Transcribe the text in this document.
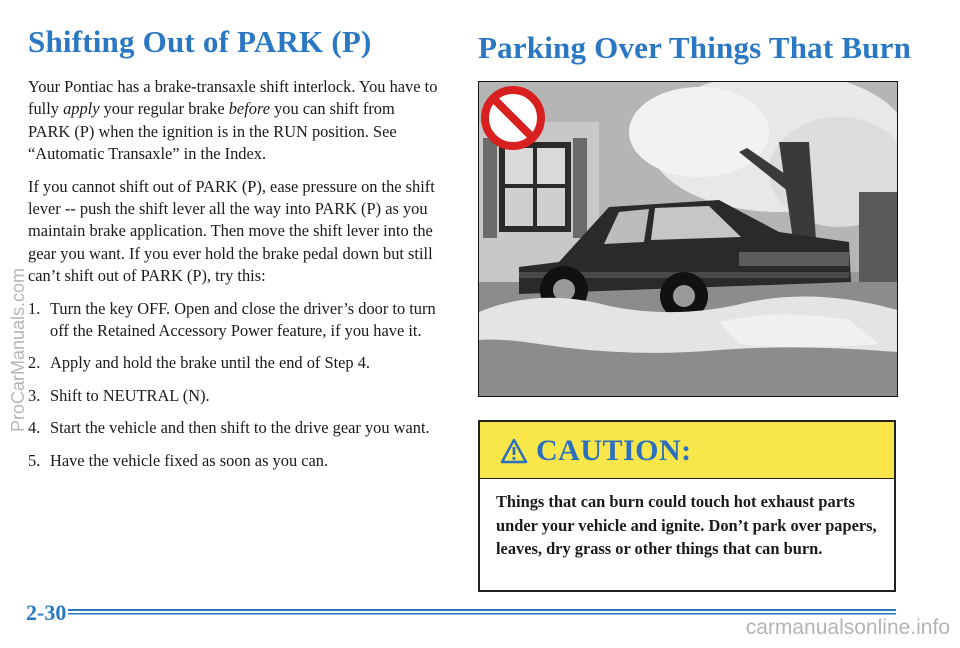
Shifting Out of PARK (P)

Your Pontiac has a brake-transaxle shift interlock. You have to fully apply your regular brake before you can shift from PARK (P) when the ignition is in the RUN position. See “Automatic Transaxle” in the Index.

If you cannot shift out of PARK (P), ease pressure on the shift lever -- push the shift lever all the way into PARK (P) as you maintain brake application. Then move the shift lever into the gear you want. If you ever hold the brake pedal down but still can’t shift out of PARK (P), try this:

1. Turn the key OFF. Open and close the driver’s door to turn off the Retained Accessory Power feature, if you have it.
2. Apply and hold the brake until the end of Step 4.
3. Shift to NEUTRAL (N).
4. Start the vehicle and then shift to the drive gear you want.
5. Have the vehicle fixed as soon as you can.
Parking Over Things That Burn
CAUTION:

Things that can burn could touch hot exhaust parts under your vehicle and ignite. Don’t park over papers, leaves, dry grass or other things that can burn.

2-30
ProCarManuals.com
carmanualsonline.info
